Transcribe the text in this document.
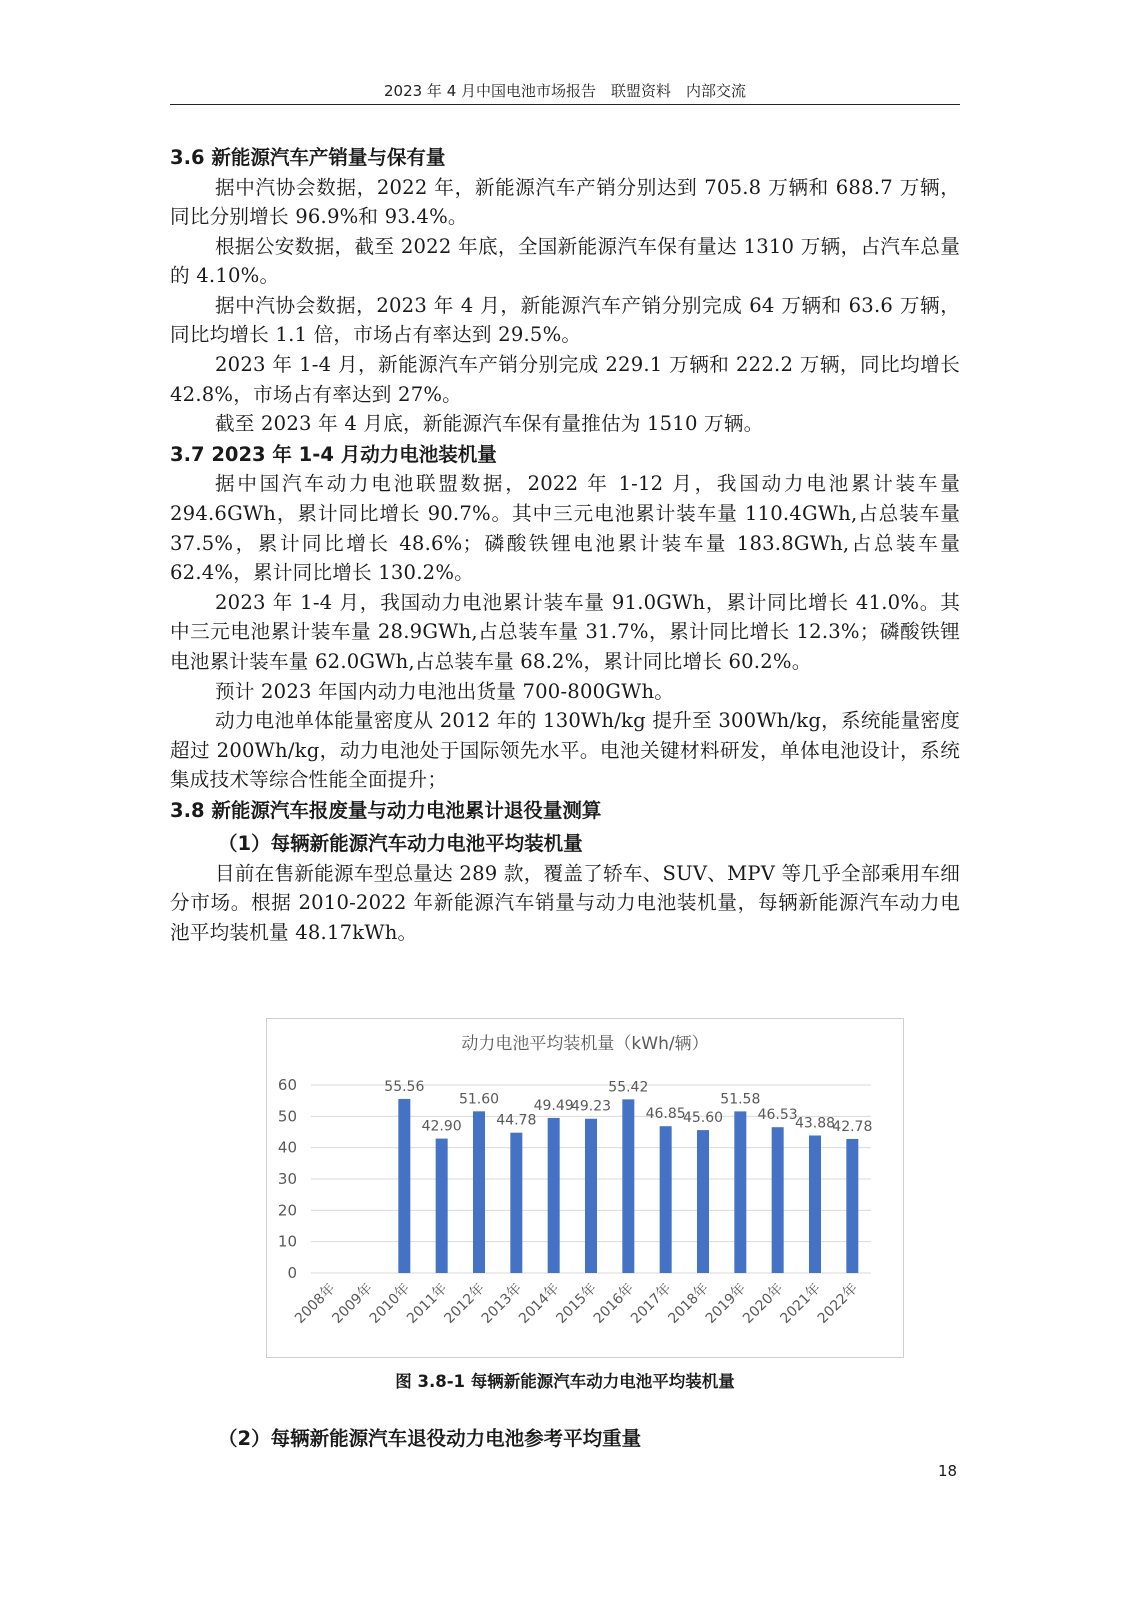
2023 年 4 月中国电池市场报告　联盟资料　内部交流
3.6 新能源汽车产销量与保有量

据中汽协会数据，2022 年，新能源汽车产销分别达到 705.8 万辆和 688.7 万辆，同比分别增长 96.9%和 93.4%。

根据公安数据，截至 2022 年底，全国新能源汽车保有量达 1310 万辆，占汽车总量的 4.10%。

据中汽协会数据，2023 年 4 月，新能源汽车产销分别完成 64 万辆和 63.6 万辆，同比均增长 1.1 倍，市场占有率达到 29.5%。

2023 年 1-4 月，新能源汽车产销分别完成 229.1 万辆和 222.2 万辆，同比均增长 42.8%，市场占有率达到 27%。

截至 2023 年 4 月底，新能源汽车保有量推估为 1510 万辆。

3.7 2023 年 1-4 月动力电池装机量

据中国汽车动力电池联盟数据，2022 年 1-12 月，我国动力电池累计装车量 294.6GWh，累计同比增长 90.7%。其中三元电池累计装车量 110.4GWh,占总装车量 37.5%，累计同比增长 48.6%；磷酸铁锂电池累计装车量 183.8GWh,占总装车量 62.4%，累计同比增长 130.2%。

2023 年 1-4 月，我国动力电池累计装车量 91.0GWh，累计同比增长 41.0%。其中三元电池累计装车量 28.9GWh,占总装车量 31.7%，累计同比增长 12.3%；磷酸铁锂电池累计装车量 62.0GWh,占总装车量 68.2%，累计同比增长 60.2%。

预计 2023 年国内动力电池出货量 700-800GWh。

动力电池单体能量密度从 2012 年的 130Wh/kg 提升至 300Wh/kg，系统能量密度超过 200Wh/kg，动力电池处于国际领先水平。电池关键材料研发，单体电池设计，系统集成技术等综合性能全面提升；

3.8 新能源汽车报废量与动力电池累计退役量测算
（1）每辆新能源汽车动力电池平均装机量

目前在售新能源车型总量达 289 款，覆盖了轿车、SUV、MPV 等几乎全部乘用车细分市场。根据 2010-2022 年新能源汽车销量与动力电池装机量，每辆新能源汽车动力电池平均装机量 48.17kWh。

动力电池平均装机量（kWh/辆）
0
10
20
30
40
50
60	55.56
42.90
51.60
44.78
49.49
49.23
55.42
46.85
45.60
51.58
46.53
43.88
42.78
2008年
2009年
2010年
2011年
2012年
2013年
2014年
2015年
2016年
2017年
2018年
2019年
2020年
2021年
2022年
图 3.8-1 每辆新能源汽车动力电池平均装机量
（2）每辆新能源汽车退役动力电池参考平均重量
18
